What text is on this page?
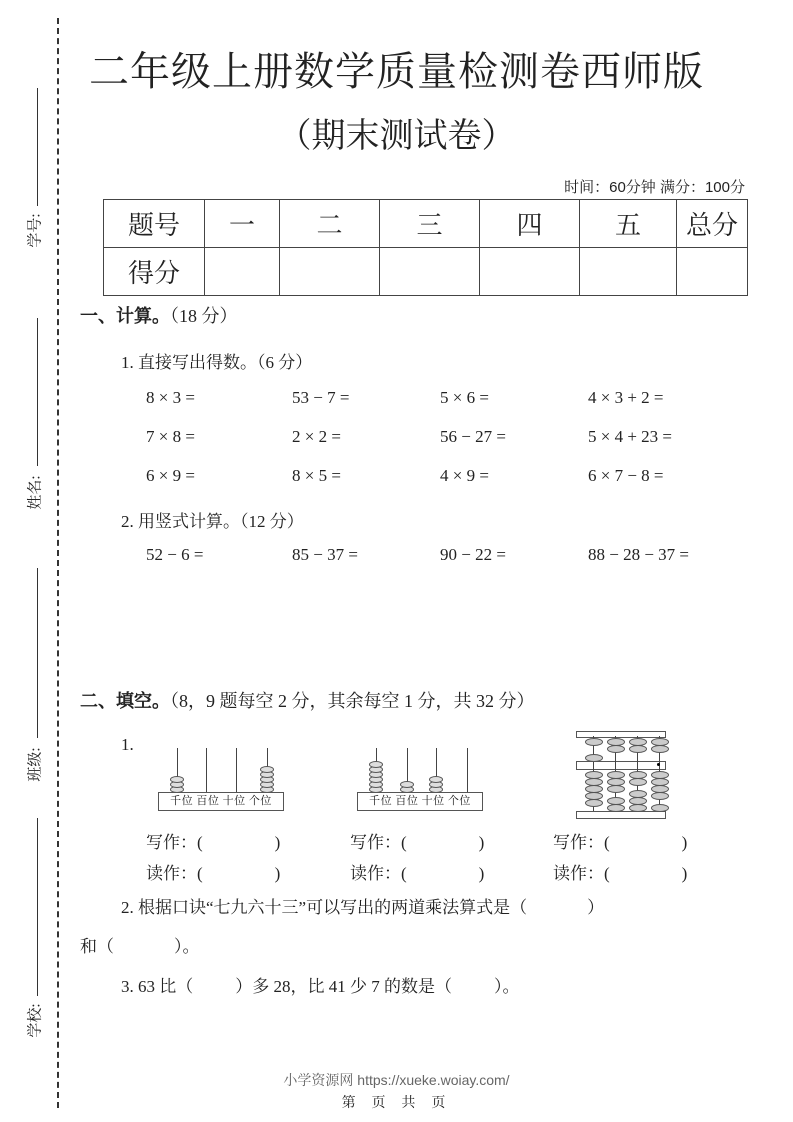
学号:
姓名:
班级:
学校:
二年级上册数学质量检测卷西师版
（期末测试卷）
时间：60分钟 满分：100分
题号	一	二	三	四	五	总分
得分						
一、计算。（18 分）
1. 直接写出得数。（6 分）
8 × 3 =	53 − 7 =	5 × 6 =	4 × 3 + 2 =
7 × 8 =	2 × 2 =	56 − 27 =	5 × 4 + 23 =
6 × 9 =	8 × 5 =	4 × 9 =	6 × 7 − 8 =
2. 用竖式计算。（12 分）
52 − 6 =	85 − 37 =	90 − 22 =	88 − 28 − 37 =
二、填空。（8，9 题每空 2 分，其余每空 1 分，共 32 分）
1.
千位 百位 十位 个位	千位 百位 十位 个位
写作：(	)	写作：(	)	写作：(	)
读作：(	)	读作：(	)	读作：(	)
2. 根据口诀“七九六十三”可以写出的两道乘法算式是（	）
和（	）。
3. 63 比（ ）多 28，比 41 少 7 的数是（ ）。
小学资源网 https://xueke.woiay.com/
第 页 共 页
